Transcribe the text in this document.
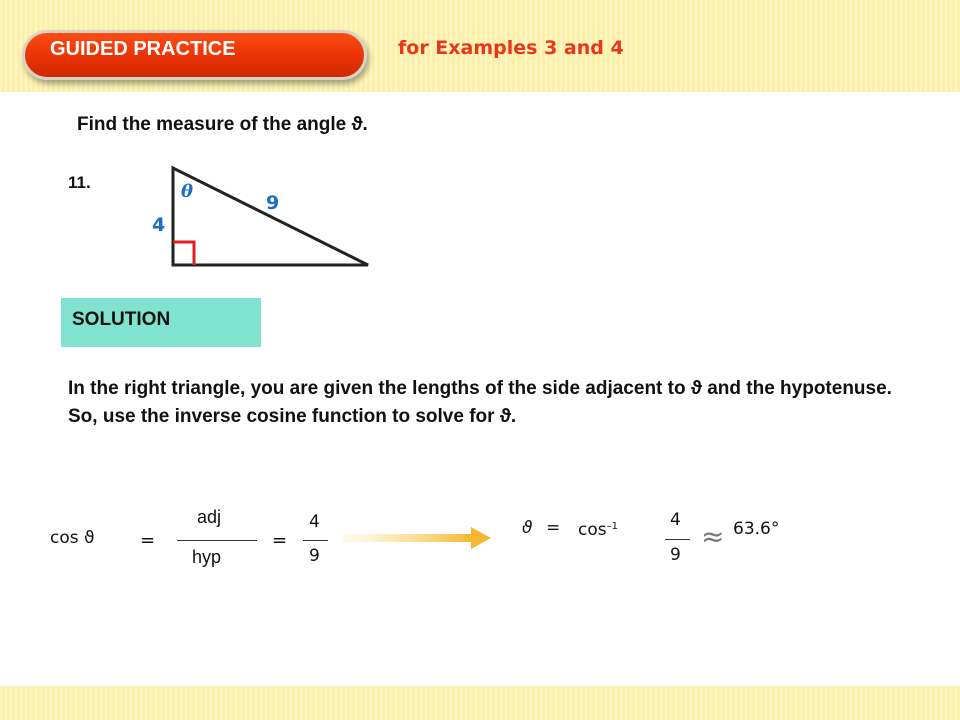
GUIDED PRACTICE	for Examples 3 and 4
Find the measure of the angle ϑ.
11.	θ
4
9
SOLUTION
In the right triangle, you are given the lengths of the side adjacent to ϑ and the hypotenuse. So, use the inverse cosine function to solve for ϑ.
cos ϑ	=
adj
hyp
=
4
9
$ϑ = \cos^{-1}$	4
9
≈ 63.6°
